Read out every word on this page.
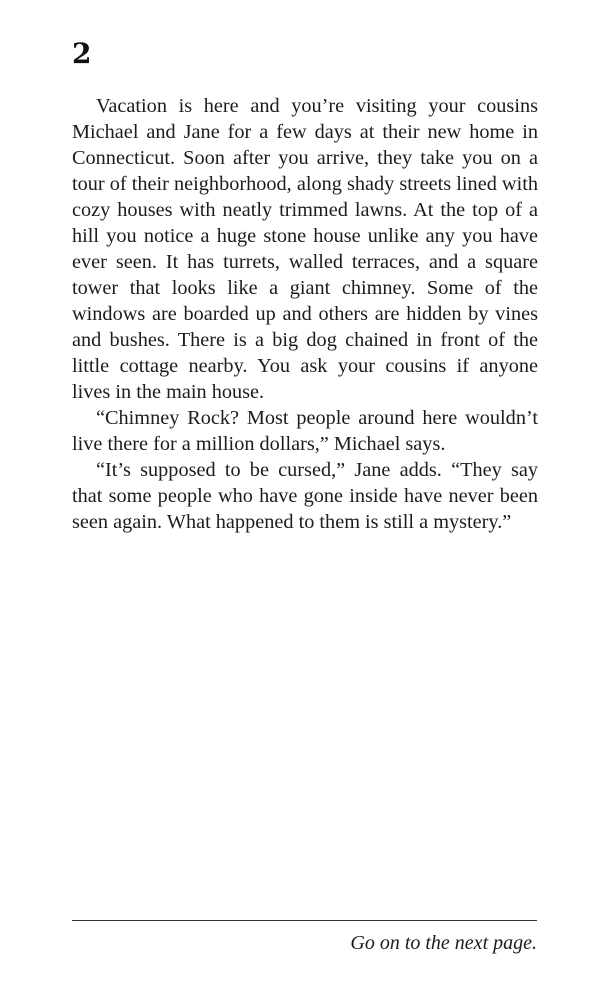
2

Vacation is here and you’re visiting your cousins Michael and Jane for a few days at their new home in Connecticut. Soon after you arrive, they take you on a tour of their neighborhood, along shady streets lined with cozy houses with neatly trimmed lawns. At the top of a hill you notice a huge stone house unlike any you have ever seen. It has turrets, walled terraces, and a square tower that looks like a giant chimney. Some of the windows are boarded up and others are hidden by vines and bushes. There is a big dog chained in front of the little cottage nearby. You ask your cousins if anyone lives in the main house.

“Chimney Rock? Most people around here wouldn’t live there for a million dollars,” Michael says.

“It’s supposed to be cursed,” Jane adds. “They say that some people who have gone inside have never been seen again. What happened to them is still a mystery.”

Go on to the next page.
